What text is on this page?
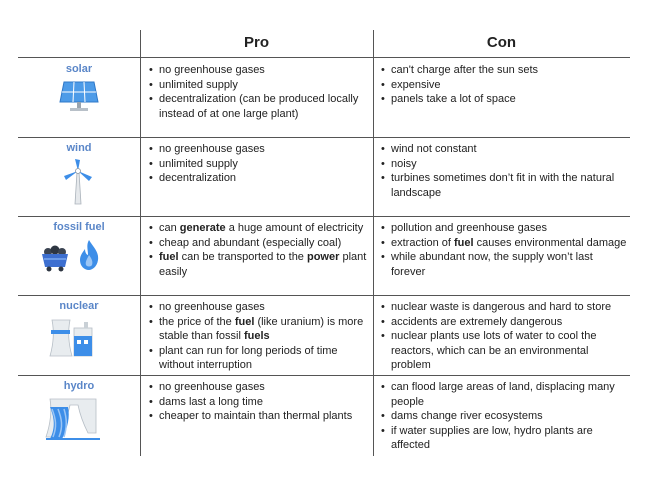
Pro	Con
solar
wind
fossil fuel
nuclear
hydro
• no greenhouse gases
• unlimited supply
• decentralization (can be produced locally instead of at one large plant)
• can't charge after the sun sets
• expensive
• panels take a lot of space
• no greenhouse gases
• unlimited supply
• decentralization
• wind not constant
• noisy
• turbines sometimes don’t fit in with the natural landscape
• can generate a huge amount of electricity
• cheap and abundant (especially coal)
• fuel can be transported to the power plant easily
• pollution and greenhouse gases
• extraction of fuel causes environmental damage
• while abundant now, the supply won’t last forever
• no greenhouse gases
• the price of the fuel (like uranium) is more stable than fossil fuels
• plant can run for long periods of time without interruption
• nuclear waste is dangerous and hard to store
• accidents are extremely dangerous
• nuclear plants use lots of water to cool the reactors, which can be an environmental problem
• no greenhouse gases
• dams last a long time
• cheaper to maintain than thermal plants
• can flood large areas of land, displacing many people
• dams change river ecosystems
• if water supplies are low, hydro plants are affected
